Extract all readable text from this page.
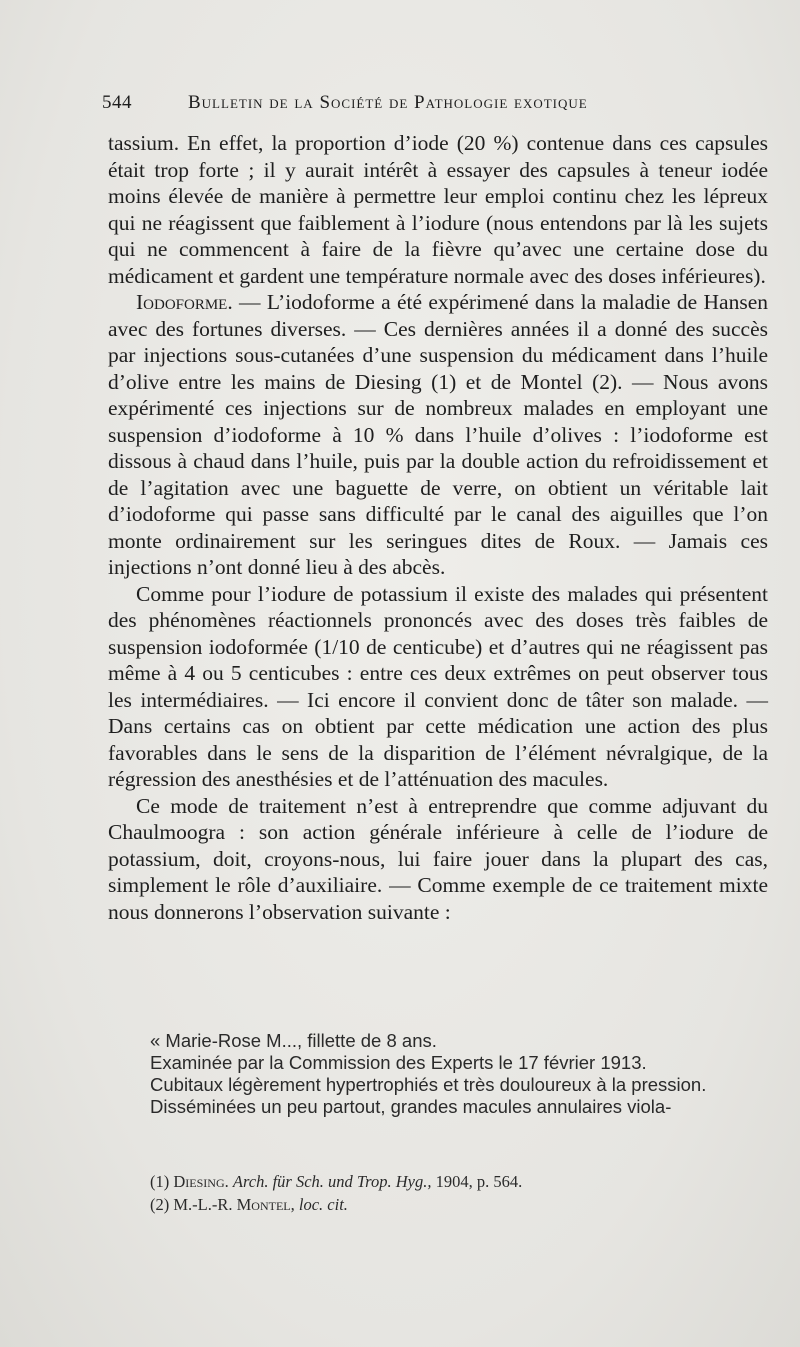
544	Bulletin de la Société de Pathologie exotique

tassium. En effet, la proportion d’iode (20 %) contenue dans ces capsules était trop forte ; il y aurait intérêt à essayer des capsules à teneur iodée moins élevée de manière à permettre leur emploi continu chez les lépreux qui ne réagissent que faiblement à l’iodure (nous entendons par là les sujets qui ne commencent à faire de la fièvre qu’avec une certaine dose du médicament et gardent une température normale avec des doses inférieures).

Iodoforme. — L’iodoforme a été expérimené dans la maladie de Hansen avec des fortunes diverses. — Ces dernières années il a donné des succès par injections sous-cutanées d’une suspension du médicament dans l’huile d’olive entre les mains de Diesing (1) et de Montel (2). — Nous avons expérimenté ces injections sur de nombreux malades en employant une suspension d’iodoforme à 10 % dans l’huile d’olives : l’iodoforme est dissous à chaud dans l’huile, puis par la double action du refroidissement et de l’agitation avec une baguette de verre, on obtient un véritable lait d’iodoforme qui passe sans difficulté par le canal des aiguilles que l’on monte ordinairement sur les seringues dites de Roux. — Jamais ces injections n’ont donné lieu à des abcès.

Comme pour l’iodure de potassium il existe des malades qui présentent des phénomènes réactionnels prononcés avec des doses très faibles de suspension iodoformée (1/10 de centicube) et d’autres qui ne réagissent pas même à 4 ou 5 centicubes : entre ces deux extrêmes on peut observer tous les intermédiaires. — Ici encore il convient donc de tâter son malade. — Dans certains cas on obtient par cette médication une action des plus favorables dans le sens de la disparition de l’élément névralgique, de la régression des anesthésies et de l’atténuation des macules.

Ce mode de traitement n’est à entreprendre que comme adjuvant du Chaulmoogra : son action générale inférieure à celle de l’iodure de potassium, doit, croyons-nous, lui faire jouer dans la plupart des cas, simplement le rôle d’auxiliaire. — Comme exemple de ce traitement mixte nous donnerons l’observation suivante :

« Marie-Rose M..., fillette de 8 ans.
Examinée par la Commission des Experts le 17 février 1913.
Cubitaux légèrement hypertrophiés et très douloureux à la pression.
Disséminées un peu partout, grandes macules annulaires viola-
(1) Diesing. Arch. für Sch. und Trop. Hyg., 1904, p. 564.
(2) M.-L.-R. Montel, loc. cit.
